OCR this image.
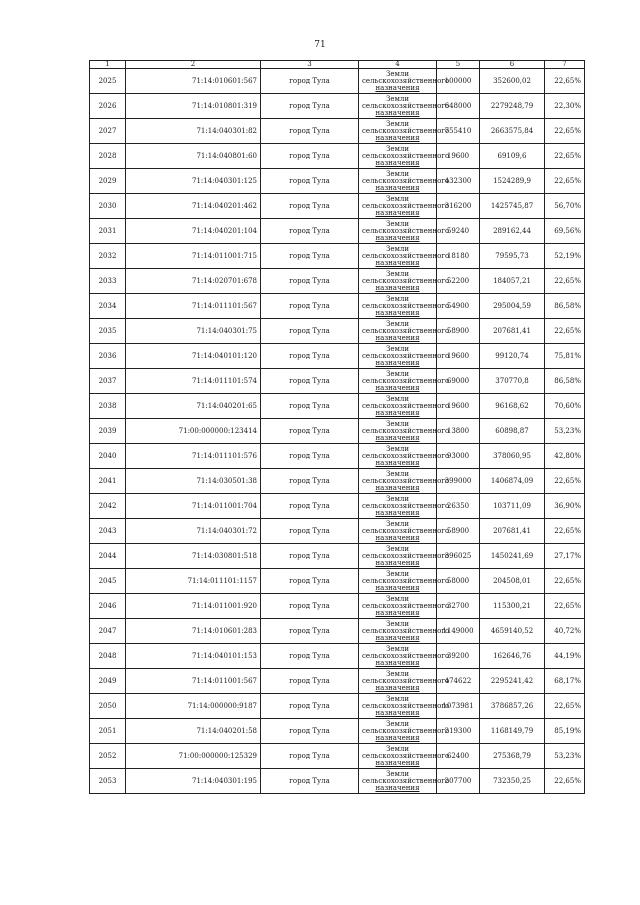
71
1	2	3	4	5	6	7
2025	71:14:010601:567	город Тула	Земли
сельскохозяйственного
назначения	100000	352600,02	22,65%
2026	71:14:010801:319	город Тула	Земли
сельскохозяйственного
назначения	648000	2279248,79	22,30%
2027	71:14:040301:82	город Тула	Земли
сельскохозяйственного
назначения	755410	2663575,84	22,65%
2028	71:14:040801:60	город Тула	Земли
сельскохозяйственного
назначения	19600	69109,6	22,65%
2029	71:14:040301:125	город Тула	Земли
сельскохозяйственного
назначения	432300	1524289,9	22,65%
2030	71:14:040201:462	город Тула	Земли
сельскохозяйственного
назначения	316200	1425745,87	56,70%
2031	71:14:040201:104	город Тула	Земли
сельскохозяйственного
назначения	59240	289162,44	69,56%
2032	71:14:011001:715	город Тула	Земли
сельскохозяйственного
назначения	18180	79595,73	52,19%
2033	71:14:020701:678	город Тула	Земли
сельскохозяйственного
назначения	52200	184057,21	22,65%
2034	71:14:011101:567	город Тула	Земли
сельскохозяйственного
назначения	54900	295004,59	86,58%
2035	71:14:040301:75	город Тула	Земли
сельскохозяйственного
назначения	58900	207681,41	22,65%
2036	71:14:040101:120	город Тула	Земли
сельскохозяйственного
назначения	19600	99120,74	75,81%
2037	71:14:011101:574	город Тула	Земли
сельскохозяйственного
назначения	69000	370770,8	86,58%
2038	71:14:040201:65	город Тула	Земли
сельскохозяйственного
назначения	19600	96168,62	70,60%
2039	71:00:000000:123414	город Тула	Земли
сельскохозяйственного
назначения	13800	60898,87	53,23%
2040	71:14:011101:576	город Тула	Земли
сельскохозяйственного
назначения	93000	378060,95	42,80%
2041	71:14:030501:38	город Тула	Земли
сельскохозяйственного
назначения	399000	1406874,09	22,65%
2042	71:14:011001:704	город Тула	Земли
сельскохозяйственного
назначения	26350	103711,09	36,90%
2043	71:14:040301:72	город Тула	Земли
сельскохозяйственного
назначения	58900	207681,41	22,65%
2044	71:14:030801:518	город Тула	Земли
сельскохозяйственного
назначения	396025	1450241,69	27,17%
2045	71:14:011101:1157	город Тула	Земли
сельскохозяйственного
назначения	58000	204508,01	22,65%
2046	71:14:011001:920	город Тула	Земли
сельскохозяйственного
назначения	32700	115300,21	22,65%
2047	71:14:010601:283	город Тула	Земли
сельскохозяйственного
назначения	1149000	4659140,52	40,72%
2048	71:14:040101:153	город Тула	Земли
сельскохозяйственного
назначения	39200	162646,76	44,19%
2049	71:14:011001:567	город Тула	Земли
сельскохозяйственного
назначения	474622	2295241,42	68,17%
2050	71:14:000000:9187	город Тула	Земли
сельскохозяйственного
назначения	1073981	3786857,26	22,65%
2051	71:14:040201:58	город Тула	Земли
сельскохозяйственного
назначения	219300	1168149,79	85,19%
2052	71:00:000000:125329	город Тула	Земли
сельскохозяйственного
назначения	62400	275368,79	53,23%
2053	71:14:040301:195	город Тула	Земли
сельскохозяйственного
назначения	207700	732350,25	22,65%
